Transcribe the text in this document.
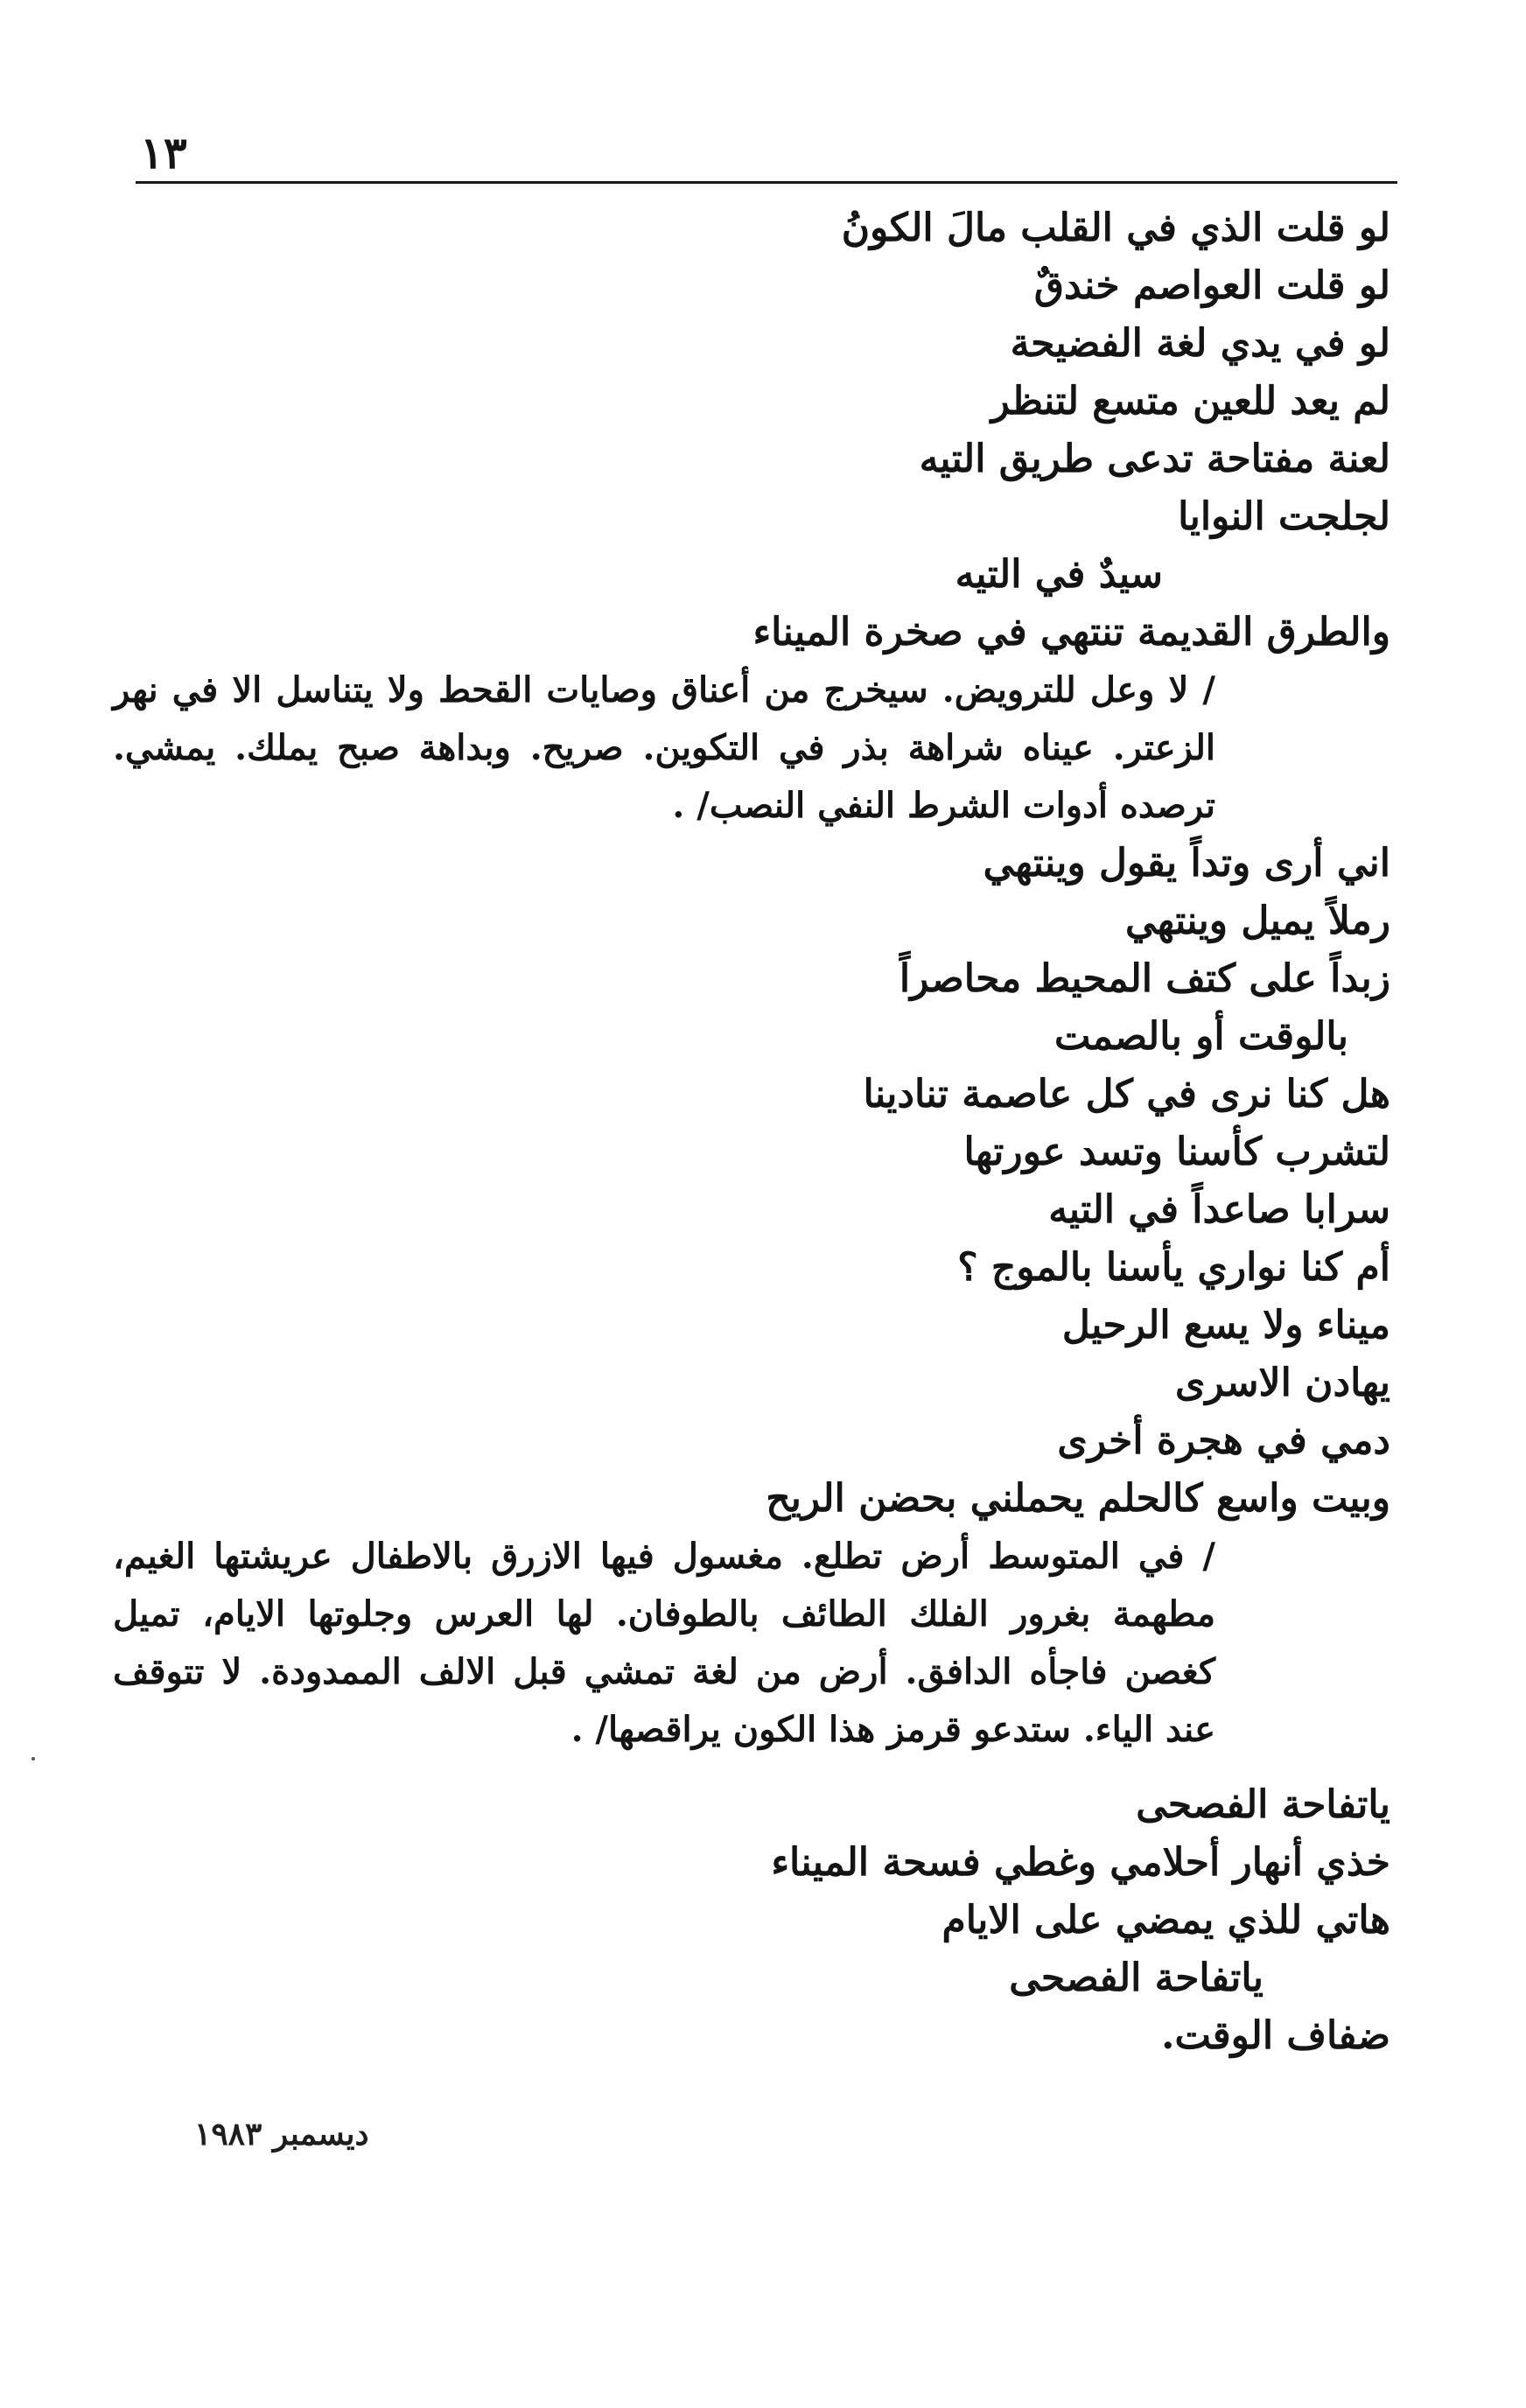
١٣
لو قلت الذي في القلب مالَ الكونُ
لو قلت العواصم خندقٌ
لو في يدي لغة الفضيحة
لم يعد للعين متسع لتنظر
لعنة مفتاحة تدعى طريق التيه
لجلجت النوايا
سيدٌ في التيه
والطرق القديمة تنتهي في صخرة الميناء
/ لا وعل للترويض. سيخرج من أعناق وصايات القحط ولا يتناسل الا في نهر الزعتر. عيناه شراهة بذر في التكوين. صريح. وبداهة صبح يملك. يمشي. ترصده أدوات الشرط النفي النصب/ .
اني أرى وتداً يقول وينتهي
رملاً يميل وينتهي
زبداً على كتف المحيط محاصراً
بالوقت أو بالصمت
هل كنا نرى في كل عاصمة تنادينا
لتشرب كأسنا وتسد عورتها
سرابا صاعداً في التيه
أم كنا نواري يأسنا بالموج ؟
ميناء ولا يسع الرحيل
يهادن الاسرى
دمي في هجرة أخرى
وبيت واسع كالحلم يحملني بحضن الريح
/ في المتوسط أرض تطلع. مغسول فيها الازرق بالاطفال عريشتها الغيم، مطهمة بغرور الفلك الطائف بالطوفان. لها العرس وجلوتها الايام، تميل كغصن فاجأه الدافق. أرض من لغة تمشي قبل الالف الممدودة. لا تتوقف عند الياء. ستدعو قرمز هذا الكون يراقصها/ .
ياتفاحة الفصحى
خذي أنهار أحلامي وغطي فسحة الميناء
هاتي للذي يمضي على الايام
ياتفاحة الفصحى
ضفاف الوقت.
ديسمبر ١٩٨٣
